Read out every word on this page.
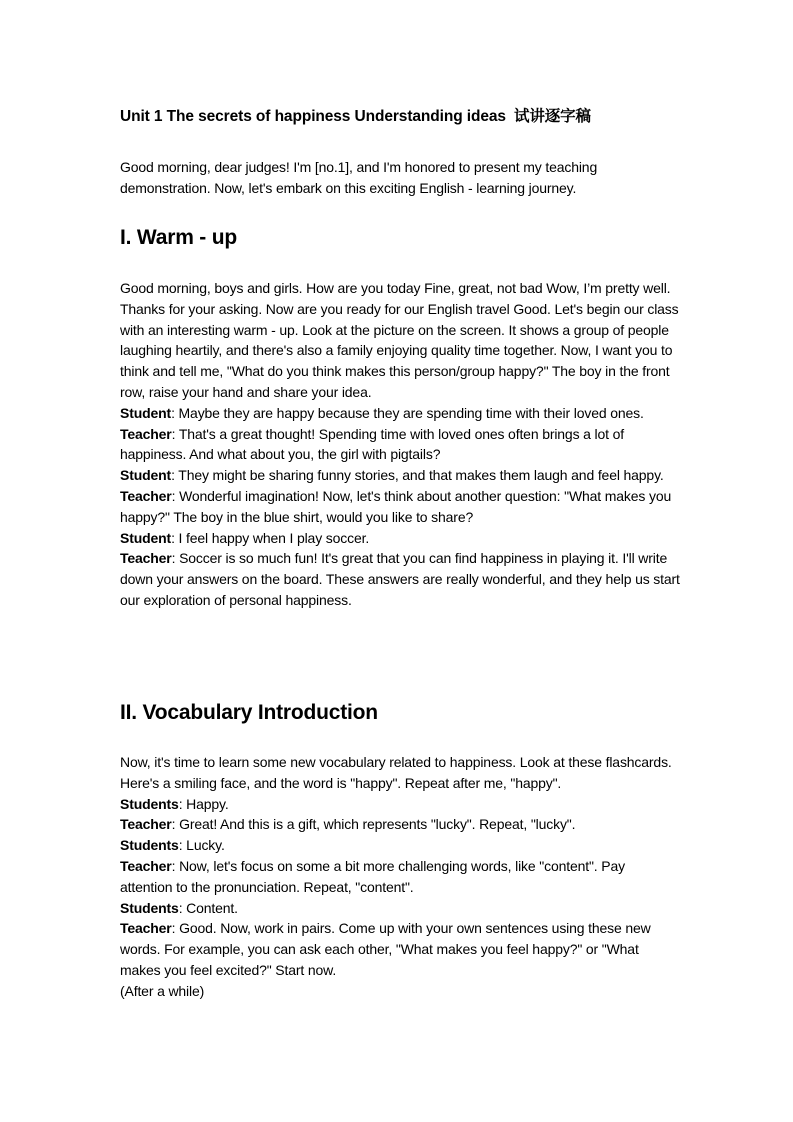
Unit 1 The secrets of happiness Understanding ideas 试讲逐字稿

Good morning, dear judges! I'm [no.1], and I'm honored to present my teaching demonstration. Now, let's embark on this exciting English - learning journey.

I. Warm - up

Good morning, boys and girls. How are you today Fine, great, not bad Wow, I’m pretty well. Thanks for your asking. Now are you ready for our English travel Good. Let's begin our class with an interesting warm - up. Look at the picture on the screen. It shows a group of people laughing heartily, and there's also a family enjoying quality time together. Now, I want you to think and tell me, "What do you think makes this person/group happy?" The boy in the front row, raise your hand and share your idea.

Student: Maybe they are happy because they are spending time with their loved ones.

Teacher: That's a great thought! Spending time with loved ones often brings a lot of happiness. And what about you, the girl with pigtails?

Student: They might be sharing funny stories, and that makes them laugh and feel happy.

Teacher: Wonderful imagination! Now, let's think about another question: "What makes you happy?" The boy in the blue shirt, would you like to share?

Student: I feel happy when I play soccer.

Teacher: Soccer is so much fun! It's great that you can find happiness in playing it. I'll write down your answers on the board. These answers are really wonderful, and they help us start our exploration of personal happiness.

II. Vocabulary Introduction

Now, it's time to learn some new vocabulary related to happiness. Look at these flashcards. Here's a smiling face, and the word is "happy". Repeat after me, "happy".

Students: Happy.

Teacher: Great! And this is a gift, which represents "lucky". Repeat, "lucky".

Students: Lucky.

Teacher: Now, let's focus on some a bit more challenging words, like "content". Pay attention to the pronunciation. Repeat, "content".

Students: Content.

Teacher: Good. Now, work in pairs. Come up with your own sentences using these new words. For example, you can ask each other, "What makes you feel happy?" or "What makes you feel excited?" Start now.

(After a while)
